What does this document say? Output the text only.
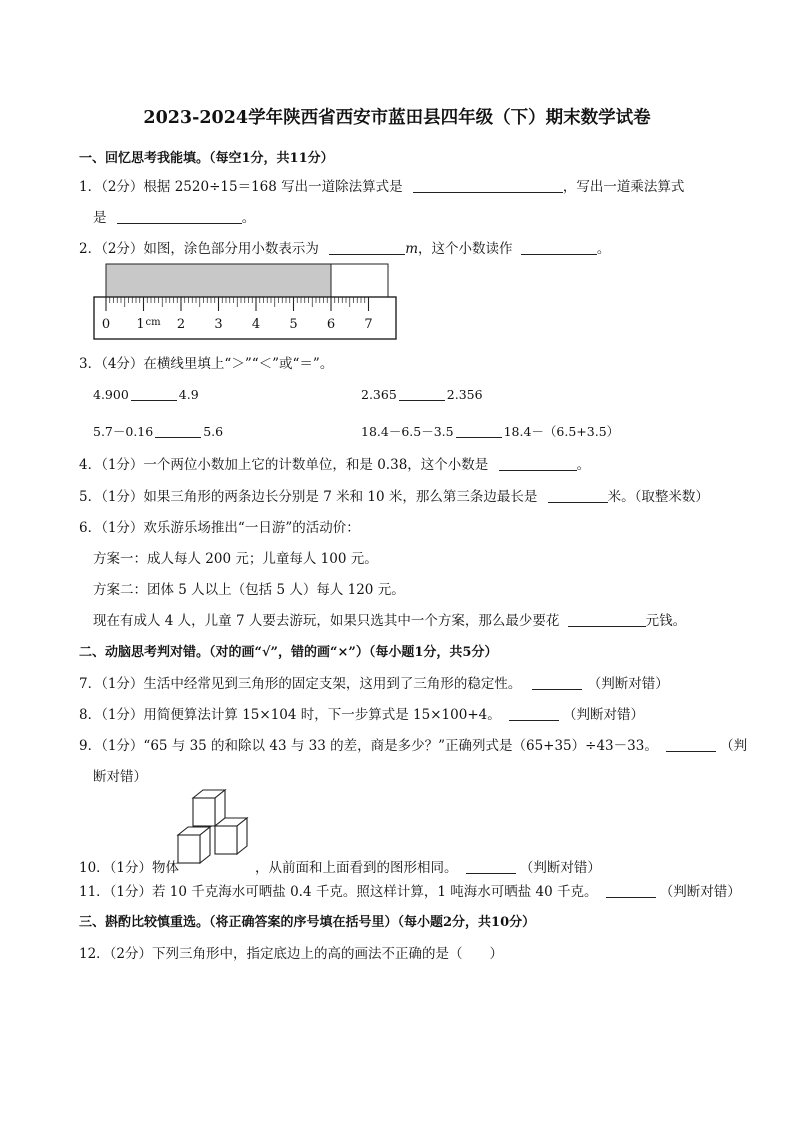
2023-2024学年陕西省西安市蓝田县四年级（下）期末数学试卷
一、回忆思考我能填。（每空1分，共11分）
1．（2分）根据 2520÷15＝168 写出一道除法算式是	，写出一道乘法算式
是	。
2．（2分）如图，涂色部分用小数表示为	m，这个小数读作	。
0 1 2 3 4 5 6 7
cm
3．（4分）在横线里填上“＞”“＜”或“＝”。
4.900	4.9	2.365	2.356
5.7－0.16	5.6	18.4－6.5－3.5	18.4－（6.5+3.5）
4．（1分）一个两位小数加上它的计数单位，和是 0.38，这个小数是	。
5．（1分）如果三角形的两条边长分别是 7 米和 10 米，那么第三条边最长是	米。（取整米数）
6．（1分）欢乐游乐场推出“一日游”的活动价：
方案一：成人每人 200 元；儿童每人 100 元。
方案二：团体 5 人以上（包括 5 人）每人 120 元。
现在有成人 4 人，儿童 7 人要去游玩，如果只选其中一个方案，那么最少要花	元钱。
二、动脑思考判对错。（对的画“√”，错的画“×”）（每小题1分，共5分）
7．（1分）生活中经常见到三角形的固定支架，这用到了三角形的稳定性。	（判断对错）
8．（1分）用简便算法计算 15×104 时，下一步算式是 15×100+4。	（判断对错）
9．（1分）“65 与 35 的和除以 43 与 33 的差，商是多少？”正确列式是（65+35）÷43－33。	（判
断对错）
10．（1分）物体	，从前面和上面看到的图形相同。	（判断对错）
11．（1分）若 10 千克海水可晒盐 0.4 千克。照这样计算，1 吨海水可晒盐 40 千克。	（判断对错）
三、斟酌比较慎重选。（将正确答案的序号填在括号里）（每小题2分，共10分）
12．（2分）下列三角形中，指定底边上的高的画法不正确的是（　　）
